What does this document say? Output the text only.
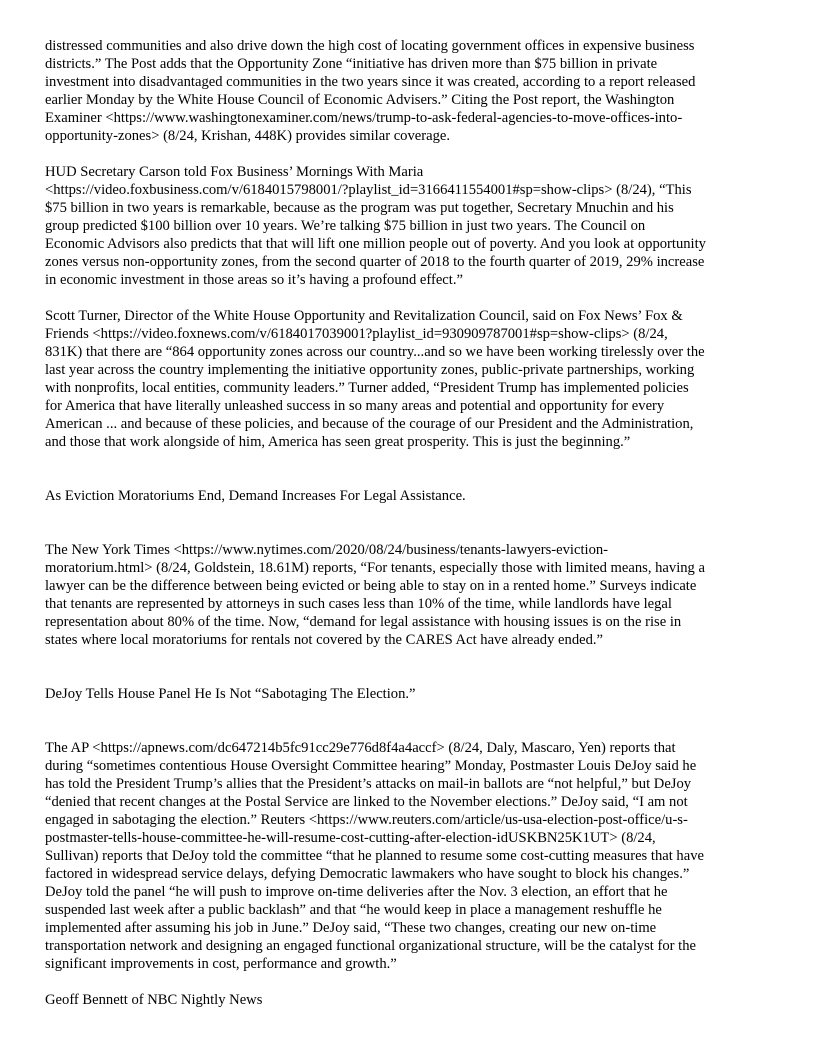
distressed communities and also drive down the high cost of locating government offices in expensive business
districts.” The Post adds that the Opportunity Zone “initiative has driven more than $75 billion in private
investment into disadvantaged communities in the two years since it was created, according to a report released
earlier Monday by the White House Council of Economic Advisers.” Citing the Post report, the Washington
Examiner <https://www.washingtonexaminer.com/news/trump-to-ask-federal-agencies-to-move-offices-into-
opportunity-zones> (8/24, Krishan, 448K) provides similar coverage.

HUD Secretary Carson told Fox Business’ Mornings With Maria
<https://video.foxbusiness.com/v/6184015798001/?playlist_id=3166411554001#sp=show-clips> (8/24), “This
$75 billion in two years is remarkable, because as the program was put together, Secretary Mnuchin and his
group predicted $100 billion over 10 years. We’re talking $75 billion in just two years. The Council on
Economic Advisors also predicts that that will lift one million people out of poverty. And you look at opportunity
zones versus non-opportunity zones, from the second quarter of 2018 to the fourth quarter of 2019, 29% increase
in economic investment in those areas so it’s having a profound effect.”

Scott Turner, Director of the White House Opportunity and Revitalization Council, said on Fox News’ Fox &
Friends <https://video.foxnews.com/v/6184017039001?playlist_id=930909787001#sp=show-clips> (8/24,
831K) that there are “864 opportunity zones across our country...and so we have been working tirelessly over the
last year across the country implementing the initiative opportunity zones, public-private partnerships, working
with nonprofits, local entities, community leaders.” Turner added, “President Trump has implemented policies
for America that have literally unleashed success in so many areas and potential and opportunity for every
American ... and because of these policies, and because of the courage of our President and the Administration,
and those that work alongside of him, America has seen great prosperity. This is just the beginning.”

As Eviction Moratoriums End, Demand Increases For Legal Assistance.

The New York Times <https://www.nytimes.com/2020/08/24/business/tenants-lawyers-eviction-
moratorium.html> (8/24, Goldstein, 18.61M) reports, “For tenants, especially those with limited means, having a
lawyer can be the difference between being evicted or being able to stay on in a rented home.” Surveys indicate
that tenants are represented by attorneys in such cases less than 10% of the time, while landlords have legal
representation about 80% of the time. Now, “demand for legal assistance with housing issues is on the rise in
states where local moratoriums for rentals not covered by the CARES Act have already ended.”

DeJoy Tells House Panel He Is Not “Sabotaging The Election.”

The AP <https://apnews.com/dc647214b5fc91cc29e776d8f4a4accf> (8/24, Daly, Mascaro, Yen) reports that
during “sometimes contentious House Oversight Committee hearing” Monday, Postmaster Louis DeJoy said he
has told the President Trump’s allies that the President’s attacks on mail-in ballots are “not helpful,” but DeJoy
“denied that recent changes at the Postal Service are linked to the November elections.” DeJoy said, “I am not
engaged in sabotaging the election.” Reuters <https://www.reuters.com/article/us-usa-election-post-office/u-s-
postmaster-tells-house-committee-he-will-resume-cost-cutting-after-election-idUSKBN25K1UT> (8/24,
Sullivan) reports that DeJoy told the committee “that he planned to resume some cost-cutting measures that have
factored in widespread service delays, defying Democratic lawmakers who have sought to block his changes.”
DeJoy told the panel “he will push to improve on-time deliveries after the Nov. 3 election, an effort that he
suspended last week after a public backlash” and that “he would keep in place a management reshuffle he
implemented after assuming his job in June.” DeJoy said, “These two changes, creating our new on-time
transportation network and designing an engaged functional organizational structure, will be the catalyst for the
significant improvements in cost, performance and growth.”

Geoff Bennett of NBC Nightly News
